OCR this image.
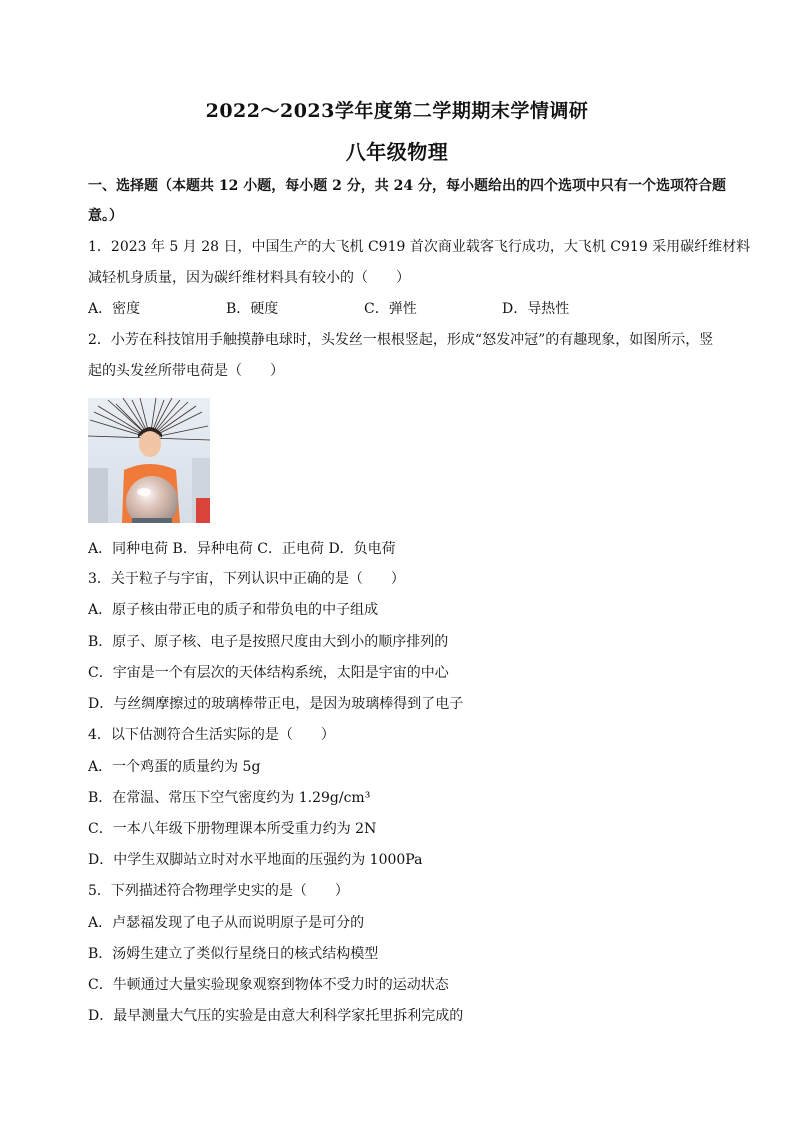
2022～2023学年度第二学期期末学情调研
八年级物理
一、选择题（本题共 12 小题，每小题 2 分，共 24 分，每小题给出的四个选项中只有一个选项符合题
意。）
1．2023 年 5 月 28 日，中国生产的大飞机 C919 首次商业载客飞行成功，大飞机 C919 采用碳纤维材料
减轻机身质量，因为碳纤维材料具有较小的（　　）
A．密度	B．硬度	C．弹性	D．导热性
2．小芳在科技馆用手触摸静电球时，头发丝一根根竖起，形成“怒发冲冠”的有趣现象，如图所示，竖
起的头发丝所带电荷是（　　）
A．同种电荷 B．异种电荷 C．正电荷 D．负电荷
3．关于粒子与宇宙，下列认识中正确的是（　　）
A．原子核由带正电的质子和带负电的中子组成
B．原子、原子核、电子是按照尺度由大到小的顺序排列的
C．宇宙是一个有层次的天体结构系统，太阳是宇宙的中心
D．与丝绸摩擦过的玻璃棒带正电，是因为玻璃棒得到了电子
4．以下估测符合生活实际的是（　　）
A．一个鸡蛋的质量约为 5g
B．在常温、常压下空气密度约为 1.29g/cm³
C．一本八年级下册物理课本所受重力约为 2N
D．中学生双脚站立时对水平地面的压强约为 1000Pa
5．下列描述符合物理学史实的是（　　）
A．卢瑟福发现了电子从而说明原子是可分的
B．汤姆生建立了类似行星绕日的核式结构模型
C．牛顿通过大量实验现象观察到物体不受力时的运动状态
D．最早测量大气压的实验是由意大利科学家托里拆利完成的
